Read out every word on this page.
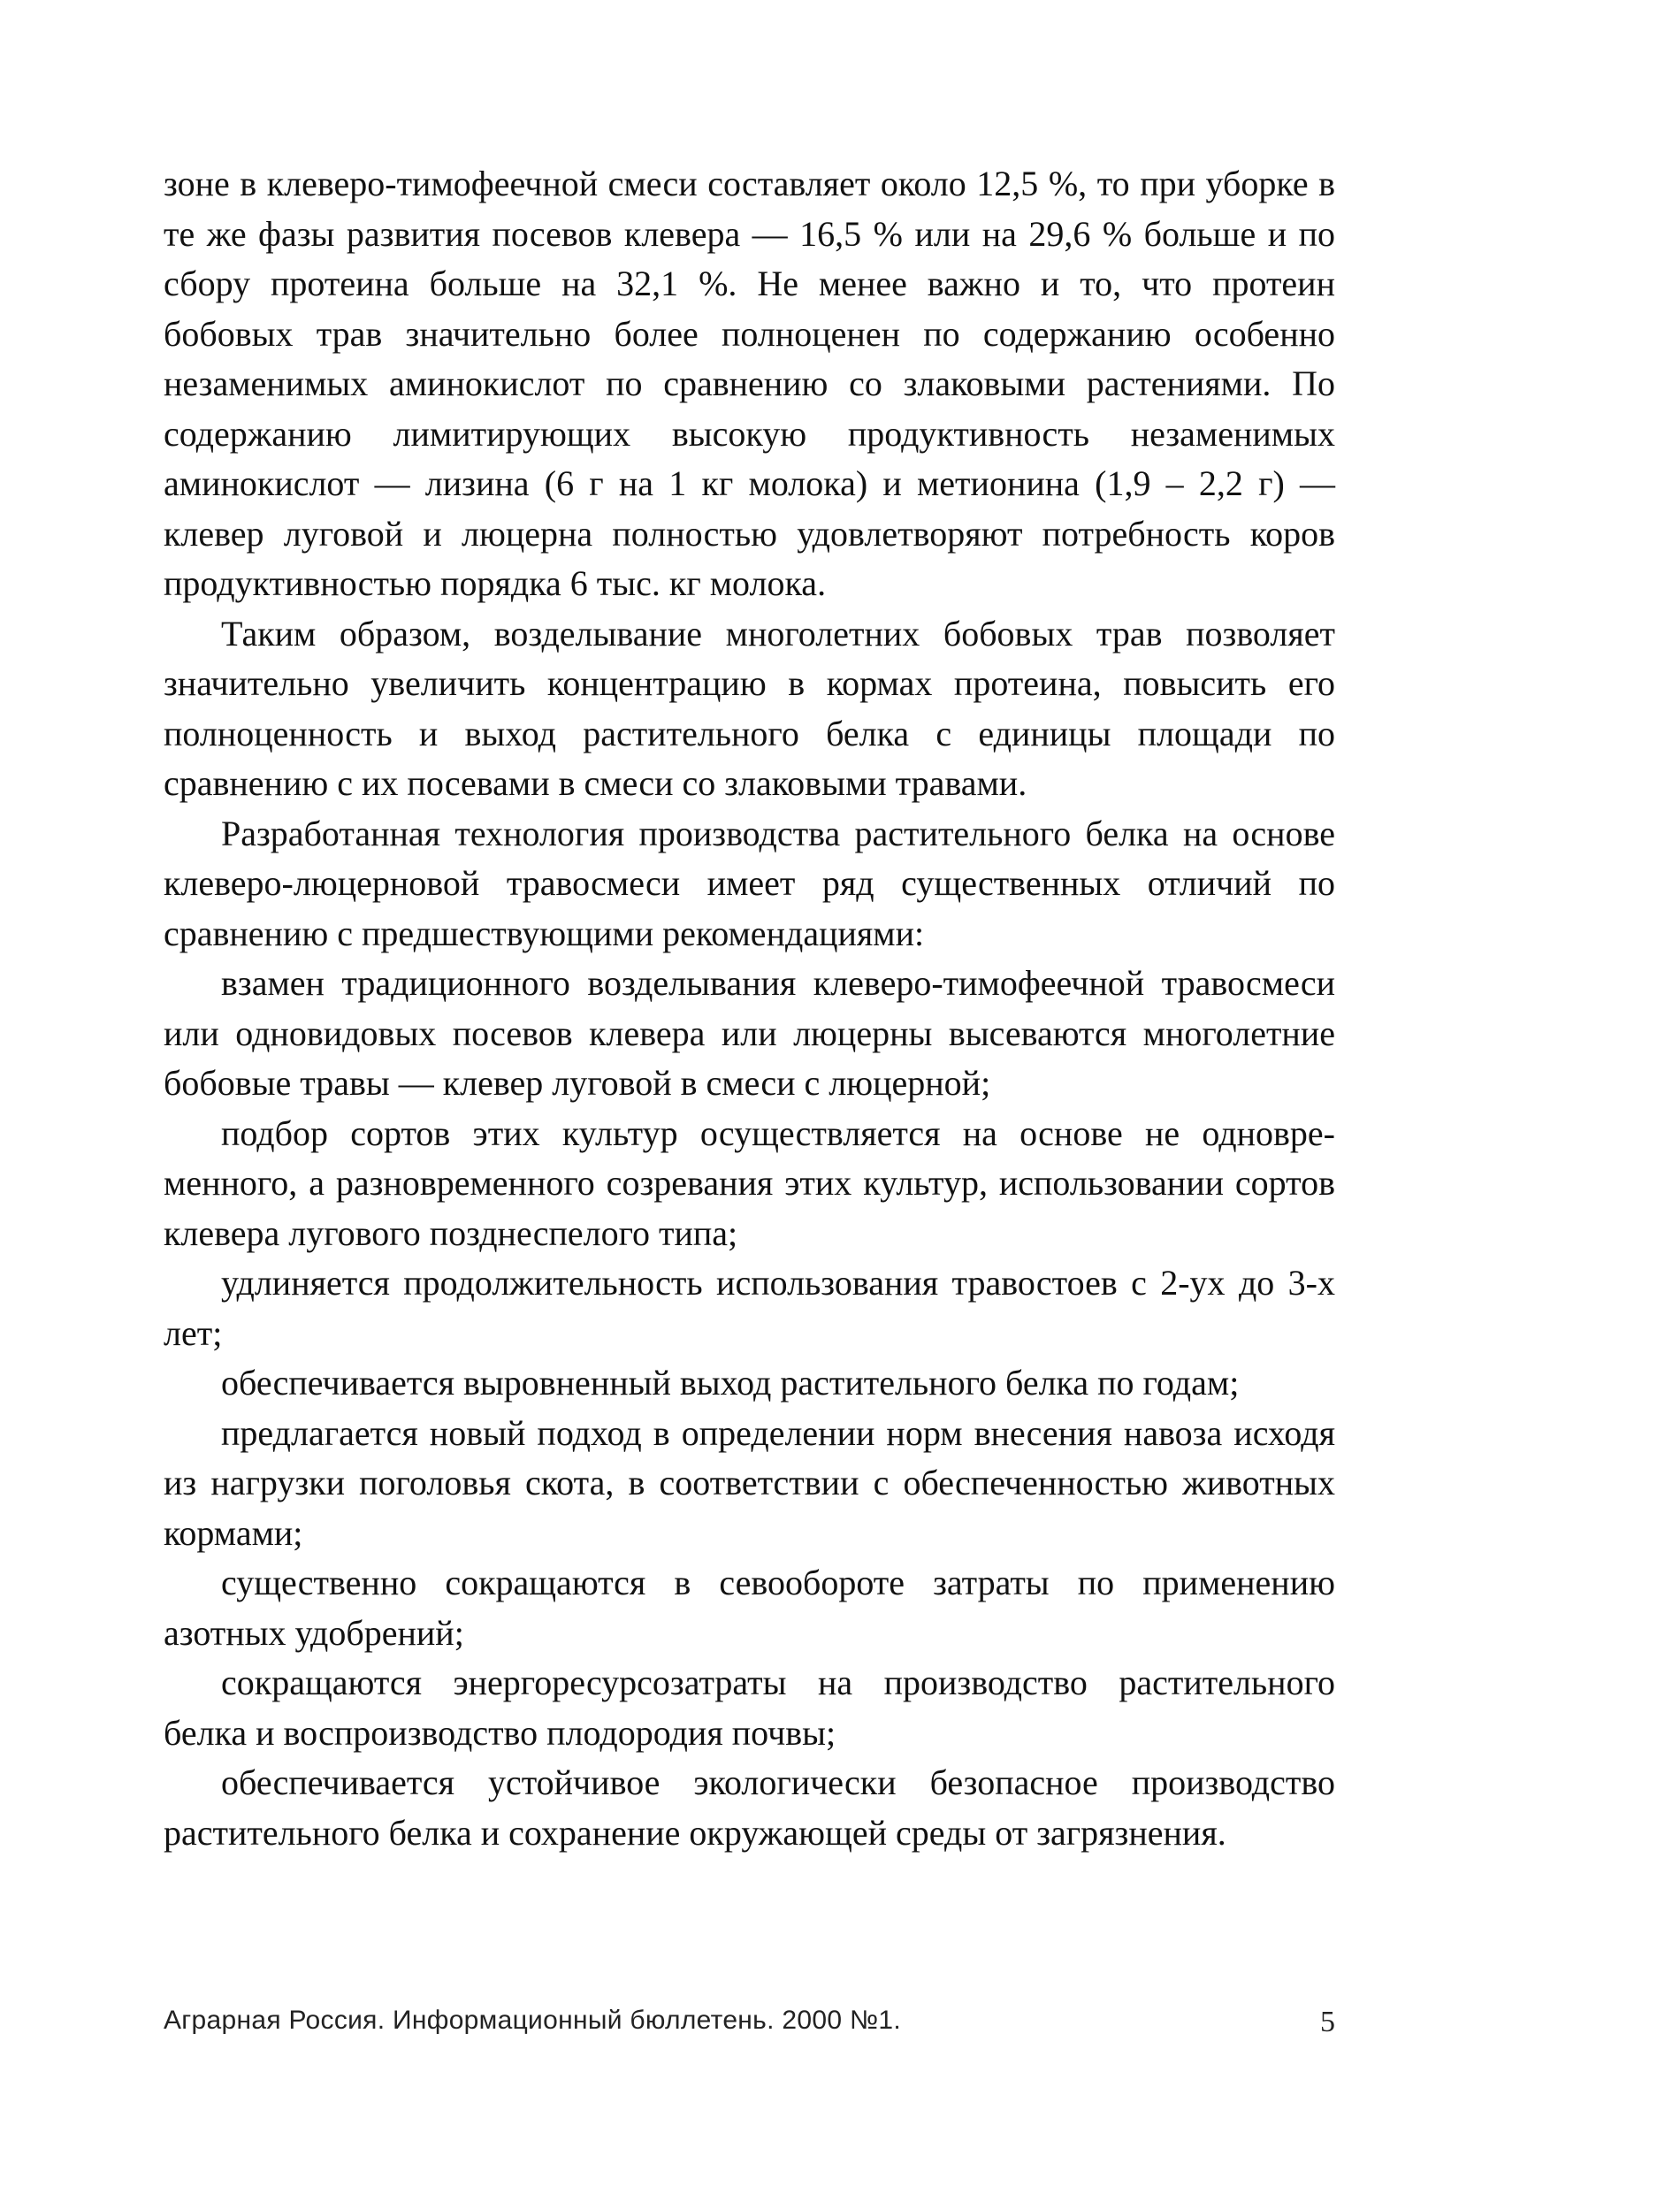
зоне в клеверо-тимофеечной смеси составляет около 12,5 %, то при уборке в те же фазы развития посевов клевера — 16,5 % или на 29,6 % больше и по сбору протеина больше на 32,1 %. Не менее важно и то, что протеин бобовых трав значительно более полноценен по содержанию особенно незаменимых аминокислот по сравнению со злаковыми растениями. По содержанию лимитирующих высокую продуктивность незаменимых аминокислот — лизина (6 г на 1 кг молока) и метионина (1,9 – 2,2 г) — клевер луговой и люцерна полностью удовлетворяют потребность коров продуктивностью порядка 6 тыс. кг молока.

Таким образом, возделывание многолетних бобовых трав позволяет значительно увеличить концентрацию в кормах протеина, повысить его полноценность и выход растительного белка с единицы площади по сравнению с их посевами в смеси со злаковыми травами.

Разработанная технология производства растительного белка на основе клеверо-люцерновой травосмеси имеет ряд существенных отличий по сравнению с предшествующими рекомендациями:

взамен традиционного возделывания клеверо-тимофеечной травосмеси или одновидовых посевов клевера или люцерны высеваются многолетние бобовые травы — клевер луговой в смеси с люцерной;

подбор сортов этих культур осуществляется на основе не одновременного, а разновременного созревания этих культур, использовании сортов клевера лугового позднеспелого типа;

удлиняется продолжительность использования травостоев с 2-ух до 3-х лет;

обеспечивается выровненный выход растительного белка по годам;

предлагается новый подход в определении норм внесения навоза исходя из нагрузки поголовья скота, в соответствии с обеспеченностью животных кормами;

существенно сокращаются в севообороте затраты по применению азотных удобрений;

сокращаются энергоресурсозатраты на производство растительного белка и воспроизводство плодородия почвы;

обеспечивается устойчивое экологически безопасное производство растительного белка и сохранение окружающей среды от загрязнения.

Аграрная Россия. Информационный бюллетень. 2000 №1.	5
